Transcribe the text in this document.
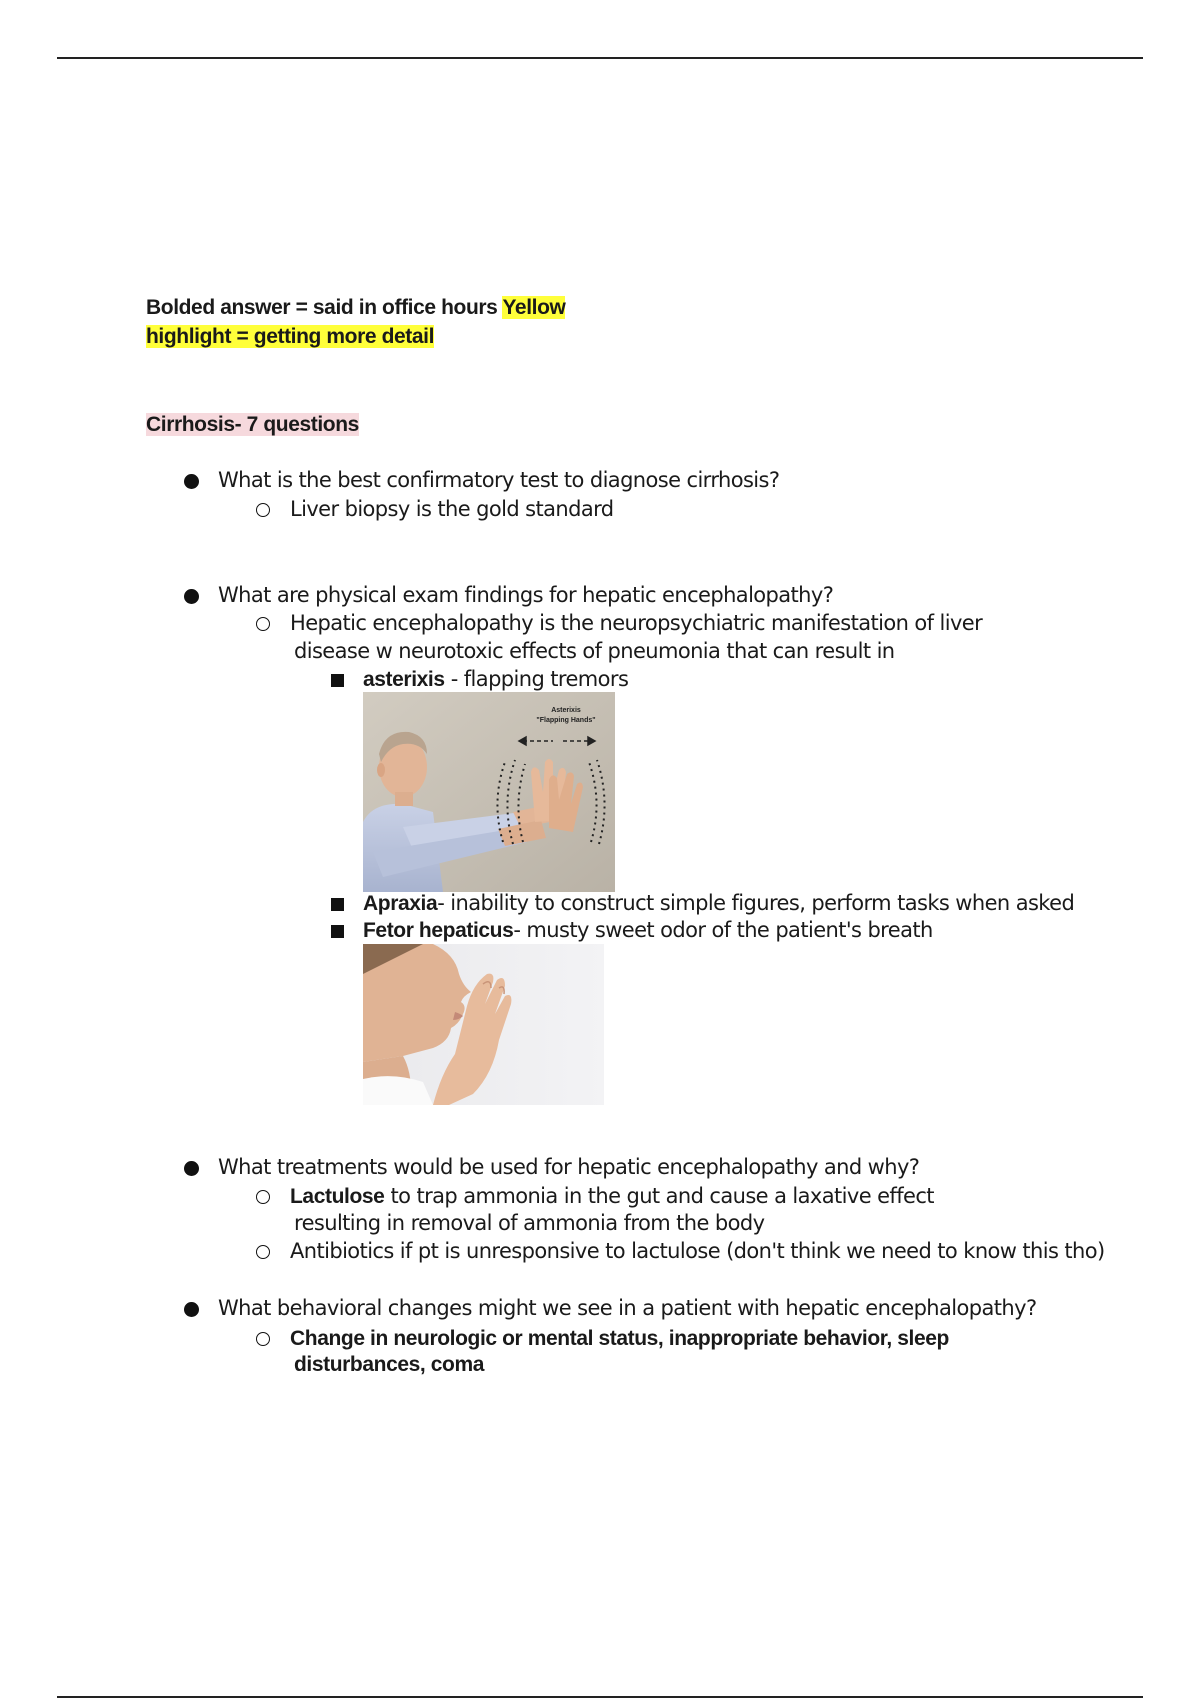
Bolded answer = said in office hours Yellow
highlight = getting more detail
Cirrhosis- 7 questions
What is the best confirmatory test to diagnose cirrhosis?
Liver biopsy is the gold standard
What are physical exam findings for hepatic encephalopathy?
Hepatic encephalopathy is the neuropsychiatric manifestation of liver
disease w neurotoxic effects of pneumonia that can result in
asterixis - flapping tremors
Asterixis
"Flapping Hands"
Apraxia- inability to construct simple figures, perform tasks when asked
Fetor hepaticus- musty sweet odor of the patient's breath
What treatments would be used for hepatic encephalopathy and why?
Lactulose to trap ammonia in the gut and cause a laxative effect
resulting in removal of ammonia from the body
Antibiotics if pt is unresponsive to lactulose (don't think we need to know this tho)
What behavioral changes might we see in a patient with hepatic encephalopathy?
Change in neurologic or mental status, inappropriate behavior, sleep
disturbances, coma
